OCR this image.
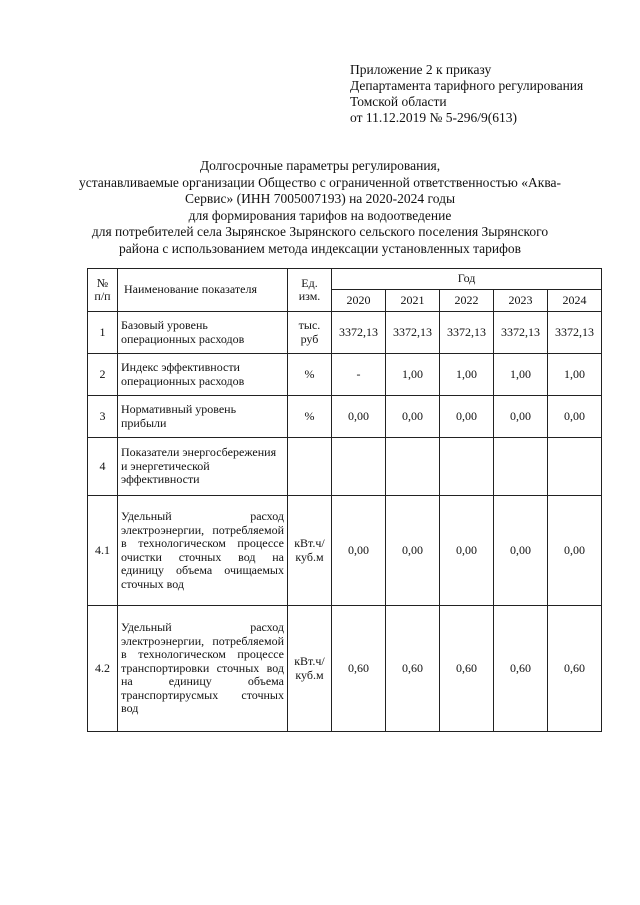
Приложение 2 к приказу
Департамента тарифного регулирования
Томской области
от 11.12.2019 № 5-296/9(613)
Долгосрочные параметры регулирования,
устанавливаемые организации Общество с ограниченной ответственностью «Аква-
Сервис» (ИНН 7005007193) на 2020-2024 годы
для формирования тарифов на водоотведение
для потребителей села Зырянское Зырянского сельского поселения Зырянского
района с использованием метода индексации установленных тарифов
№ п/п	Наименование показателя	Ед. изм.	Год				
			2020	2021	2022	2023	2024
1	Базовый уровень операционных расходов	тыс. руб	3372,13	3372,13	3372,13	3372,13	3372,13
2	Индекс эффективности операционных расходов	%	-	1,00	1,00	1,00	1,00
3	Нормативный уровень прибыли	%	0,00	0,00	0,00	0,00	0,00
4	Показатели энергосбережения и энергетической эффективности						
4.1	Удельный расход электроэнергии, потребляемой в технологическом процессе очистки сточных вод на единицу объема очищаемых сточных вод	кВт.ч/ куб.м	0,00	0,00	0,00	0,00	0,00
4.2	Удельный расход электроэнергии, потребляемой в технологическом процессе транспортировки сточных вод на единицу объема транспортирусмых сточных вод	кВт.ч/ куб.м	0,60	0,60	0,60	0,60	0,60
